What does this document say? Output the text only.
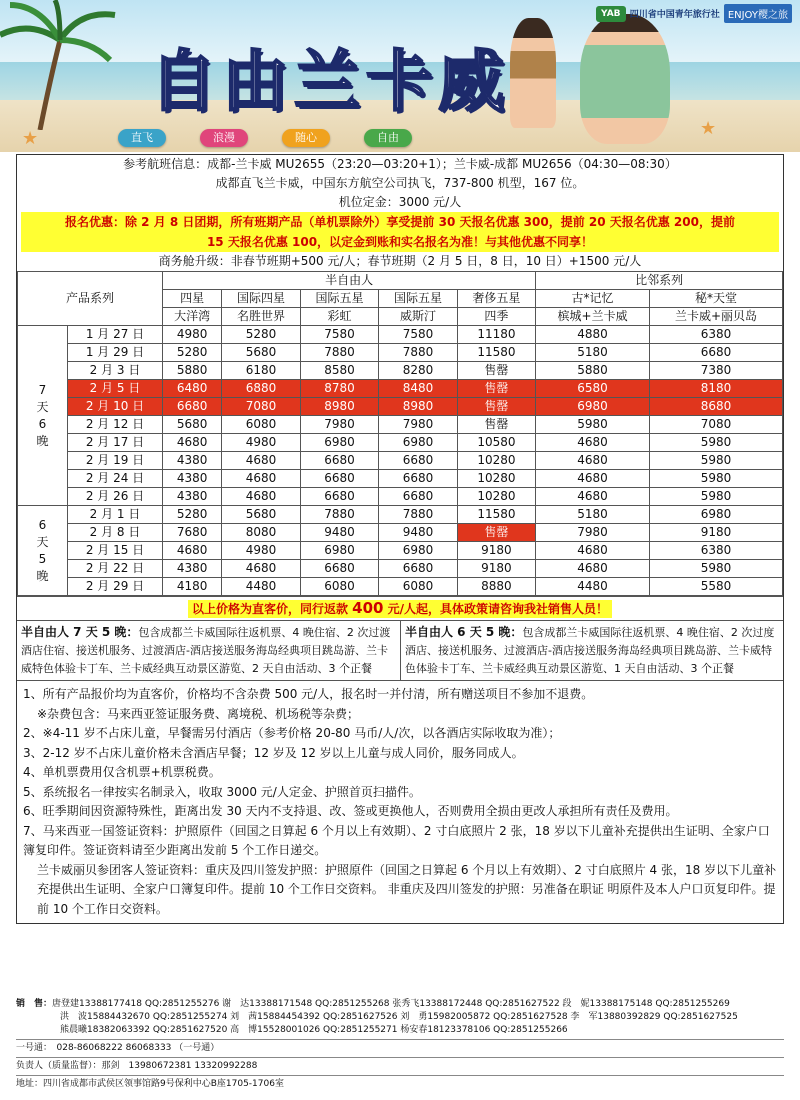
★	★
自由兰卡威
YAB	四川省中国青年旅行社 ENJOY樱之旅
直飞	浪漫	随心	自由
参考航班信息：成都-兰卡威 MU2655（23:20—03:20+1）；兰卡威-成都 MU2656（04:30—08:30）
成都直飞兰卡威，中国东方航空公司执飞，737-800 机型，167 位。
机位定金：3000 元/人
报名优惠：除 2 月 8 日团期，所有班期产品（单机票除外）享受提前 30 天报名优惠 300，提前 20 天报名优惠 200，提前
15 天报名优惠 100，以定金到账和实名报名为准！与其他优惠不同享！
商务舱升级：非春节班期+500 元/人；春节班期（2 月 5 日，8 日，10 日）+1500 元/人
产品系列		半自由人					比邻系列	
		四星	国际四星	国际五星	国际五星	奢侈五星	古*记忆	秘*天堂
		大洋湾	名胜世界	彩虹	威斯汀	四季	槟城+兰卡威	兰卡威+丽贝岛

7
天
6
晚	1 月 27 日	4980	5280	7580	7580	11180	4880	6380
	1 月 29 日	5280	5680	7880	7880	11580	5180	6680
	2 月 3 日	5880	6180	8580	8280	售罄	5880	7380
	2 月 5 日	6480	6880	8780	8480	售罄	6580	8180
	2 月 10 日	6680	7080	8980	8980	售罄	6980	8680
	2 月 12 日	5680	6080	7980	7980	售罄	5980	7080
	2 月 17 日	4680	4980	6980	6980	10580	4680	5980
	2 月 19 日	4380	4680	6680	6680	10280	4680	5980
	2 月 24 日	4380	4680	6680	6680	10280	4680	5980
	2 月 26 日	4380	4680	6680	6680	10280	4680	5980

6
天
5
晚	2 月 1 日	5280	5680	7880	7880	11580	5180	6980
	2 月 8 日	7680	8080	9480	9480	售罄	7980	9180
	2 月 15 日	4680	4980	6980	6980	9180	4680	6380
	2 月 22 日	4380	4680	6680	6680	9180	4680	5980
	2 月 29 日	4180	4480	6080	6080	8880	4480	5580
以上价格为直客价，同行返款 400 元/人起，具体政策请咨询我社销售人员！
半自由人 7 天 5 晚：包含成都兰卡威国际往返机票、4 晚住宿、2 次过渡酒店住宿、接送机服务、过渡酒店-酒店接送服务海岛经典项目跳岛游、兰卡威特色体验卡丁车、兰卡威经典互动景区游览、2 天自由活动、3 个正餐
半自由人 6 天 5 晚：包含成都兰卡威国际往返机票、4 晚住宿、2 次过度酒店、接送机服务、过渡酒店-酒店接送服务海岛经典项目跳岛游、兰卡威特色体验卡丁车、兰卡威经典互动景区游览、1 天自由活动、3 个正餐

1、所有产品报价均为直客价，价格均不含杂费 500 元/人，报名时一并付清，所有赠送项目不参加不退费。

※杂费包含：马来西亚签证服务费、离境税、机场税等杂费；

2、※4-11 岁不占床儿童，早餐需另付酒店（参考价格 20-80 马币/人/次，以各酒店实际收取为准）；

3、2-12 岁不占床儿童价格未含酒店早餐；12 岁及 12 岁以上儿童与成人同价，服务同成人。

4、单机票费用仅含机票+机票税费。

5、系统报名一律按实名制录入，收取 3000 元/人定金、护照首页扫描件。

6、旺季期间因资源特殊性，距离出发 30 天内不支持退、改、签或更换他人，否则费用全损由更改人承担所有责任及费用。

7、马来西亚一国签证资料：护照原件（回国之日算起 6 个月以上有效期）、2 寸白底照片 2 张，18 岁以下儿童补充提供出生证明、全家户口簿复印件。签证资料请至少距离出发前 5 个工作日递交。

兰卡威丽贝参团客人签证资料：重庆及四川签发护照：护照原件（回国之日算起 6 个月以上有效期）、2 寸白底照片 4 张，18 岁以下儿童补充提供出生证明、全家户口簿复印件。提前 10 个工作日交资料。 非重庆及四川签发的护照：另准备在职证 明原件及本人户口页复印件。提前 10 个工作日交资料。

销　售：唐登建13388177418 QQ:2851255276 谢　达13388171548 QQ:2851255268 张秀飞13388172448 QQ:2851627522 段　妮13388175148 QQ:2851255269
洪　波15884432670 QQ:2851255274 刘　茜15884454392 QQ:2851627526 刘　勇15982005872 QQ:2851627528 李　军13880392829 QQ:2851627525
熊晨曦18382063392 QQ:2851627520 高　博15528001026 QQ:2851255271 杨安春18123378106 QQ:2851255266
一号通：　028-86068222 86068333 （一号通）
负责人（质量监督）：那剑　13980672381 13320992288
地址：四川省成都市武侯区领事馆路9号保利中心B座1705-1706室
